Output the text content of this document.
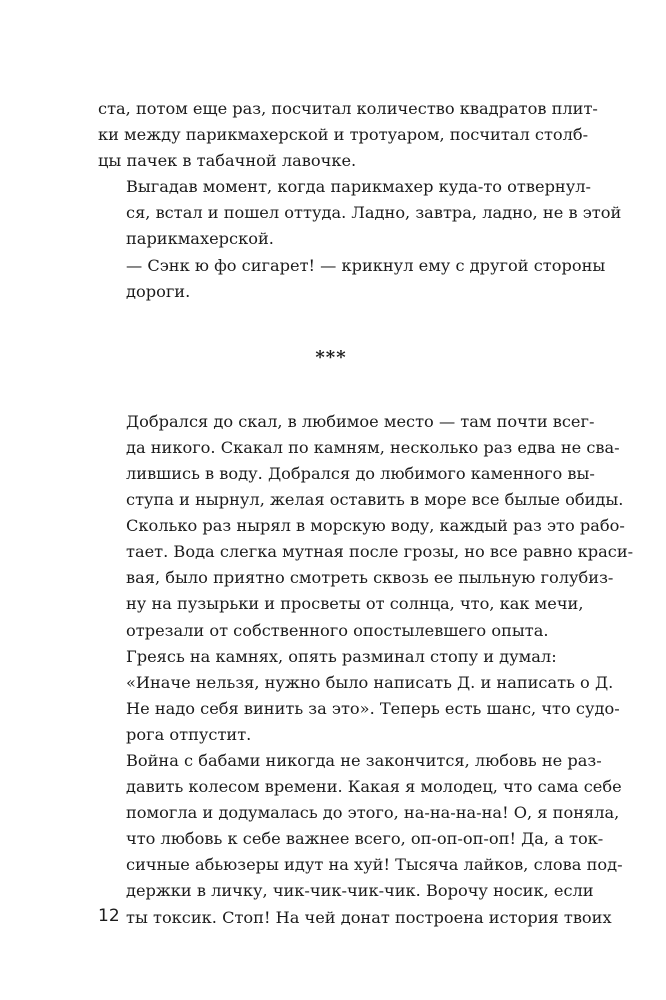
ста, потом еще раз, посчитал количество квадратов плит-
ки между парикмахерской и тротуаром, посчитал столб-
цы пачек в табачной лавочке.

Выгадав момент, когда парикмахер куда-то отвернул-
ся, встал и пошел оттуда. Ладно, завтра, ладно, не в этой
парикмахерской.

— Сэнк ю фо сигарет! — крикнул ему с другой стороны
дороги.

***

Добрался до скал, в любимое место — там почти всег-
да никого. Скакал по камням, несколько раз едва не сва-
лившись в воду. Добрался до любимого каменного вы-
ступа и нырнул, желая оставить в море все былые обиды.
Сколько раз нырял в морскую воду, каждый раз это рабо-
тает. Вода слегка мутная после грозы, но все равно краси-
вая, было приятно смотреть сквозь ее пыльную голубиз-
ну на пузырьки и просветы от солнца, что, как мечи,
отрезали от собственного опостылевшего опыта.

Греясь на камнях, опять разминал стопу и думал:
«Иначе нельзя, нужно было написать Д. и написать о Д.
Не надо себя винить за это». Теперь есть шанс, что судо-
рога отпустит.

Война с бабами никогда не закончится, любовь не раз-
давить колесом времени. Какая я молодец, что сама себе
помогла и додумалась до этого, на-на-на-на! О, я поняла,
что любовь к себе важнее всего, оп-оп-оп-оп! Да, а ток-
сичные абьюзеры идут на хуй! Тысяча лайков, слова под-
держки в личку, чик-чик-чик-чик. Ворочу носик, если
ты токсик. Стоп! На чей донат построена история твоих

12
